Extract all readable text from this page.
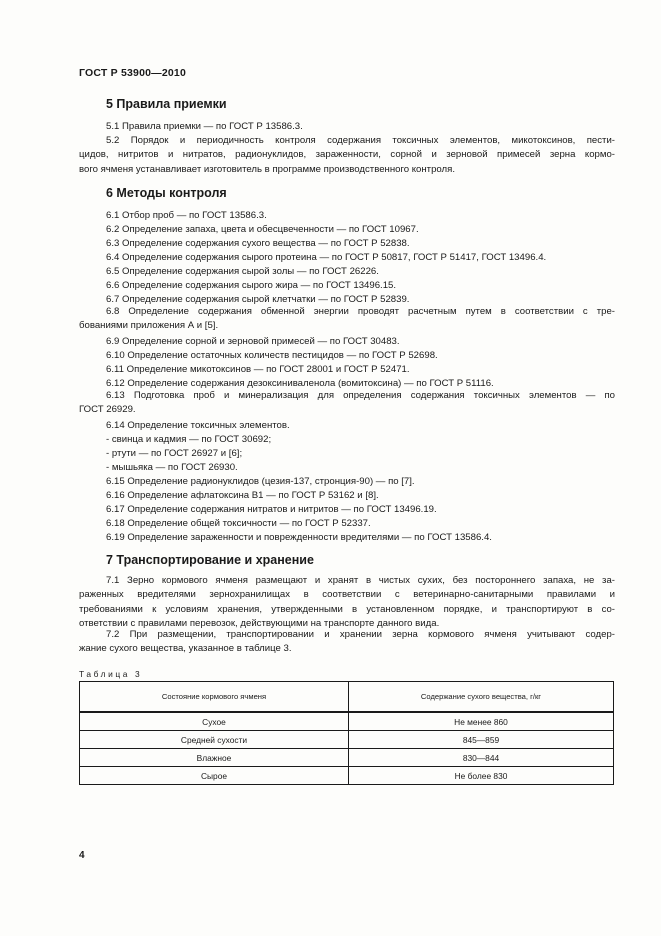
ГОСТ Р 53900—2010
5 Правила приемки
5.1 Правила приемки — по ГОСТ Р 13586.3.
5.2 Порядок и периодичность контроля содержания токсичных элементов, микотоксинов, пести-
цидов, нитритов и нитратов, радионуклидов, зараженности, сорной и зерновой примесей зерна кормо-
вого ячменя устанавливает изготовитель в программе производственного контроля.
6 Методы контроля
6.1 Отбор проб — по ГОСТ 13586.3.
6.2 Определение запаха, цвета и обесцвеченности — по ГОСТ 10967.
6.3 Определение содержания сухого вещества — по ГОСТ Р 52838.
6.4 Определение содержания сырого протеина — по ГОСТ Р 50817, ГОСТ Р 51417, ГОСТ 13496.4.
6.5 Определение содержания сырой золы — по ГОСТ 26226.
6.6 Определение содержания сырого жира — по ГОСТ 13496.15.
6.7 Определение содержания сырой клетчатки — по ГОСТ Р 52839.
6.8 Определение содержания обменной энергии проводят расчетным путем в соответствии с тре-
бованиями приложения А и [5].
6.9 Определение сорной и зерновой примесей — по ГОСТ 30483.
6.10 Определение остаточных количеств пестицидов — по ГОСТ Р 52698.
6.11 Определение микотоксинов — по ГОСТ 28001 и ГОСТ Р 52471.
6.12 Определение содержания дезоксиниваленола (вомитоксина) — по ГОСТ Р 51116.
6.13 Подготовка проб и минерализация для определения содержания токсичных элементов — по
ГОСТ 26929.
6.14 Определение токсичных элементов.
- свинца и кадмия — по ГОСТ 30692;
- ртути — по ГОСТ 26927 и [6];
- мышьяка — по ГОСТ 26930.
6.15 Определение радионуклидов (цезия-137, стронция-90) — по [7].
6.16 Определение афлатоксина В1 — по ГОСТ Р 53162 и [8].
6.17 Определение содержания нитратов и нитритов — по ГОСТ 13496.19.
6.18 Определение общей токсичности — по ГОСТ Р 52337.
6.19 Определение зараженности и поврежденности вредителями — по ГОСТ 13586.4.
7 Транспортирование и хранение
7.1 Зерно кормового ячменя размещают и хранят в чистых сухих, без постороннего запаха, не за-
раженных вредителями зернохранилищах в соответствии с ветеринарно-санитарными правилами и
требованиями к условиям хранения, утвержденными в установленном порядке, и транспортируют в со-
ответствии с правилами перевозок, действующими на транспорте данного вида.
7.2 При размещении, транспортировании и хранении зерна кормового ячменя учитывают содер-
жание сухого вещества, указанное в таблице 3.
Таблица 3
Состояние кормового ячменя	Содержание сухого вещества, г/кг
Сухое	Не менее 860
Средней сухости	845—859
Влажное	830—844
Сырое	Не более 830
4
